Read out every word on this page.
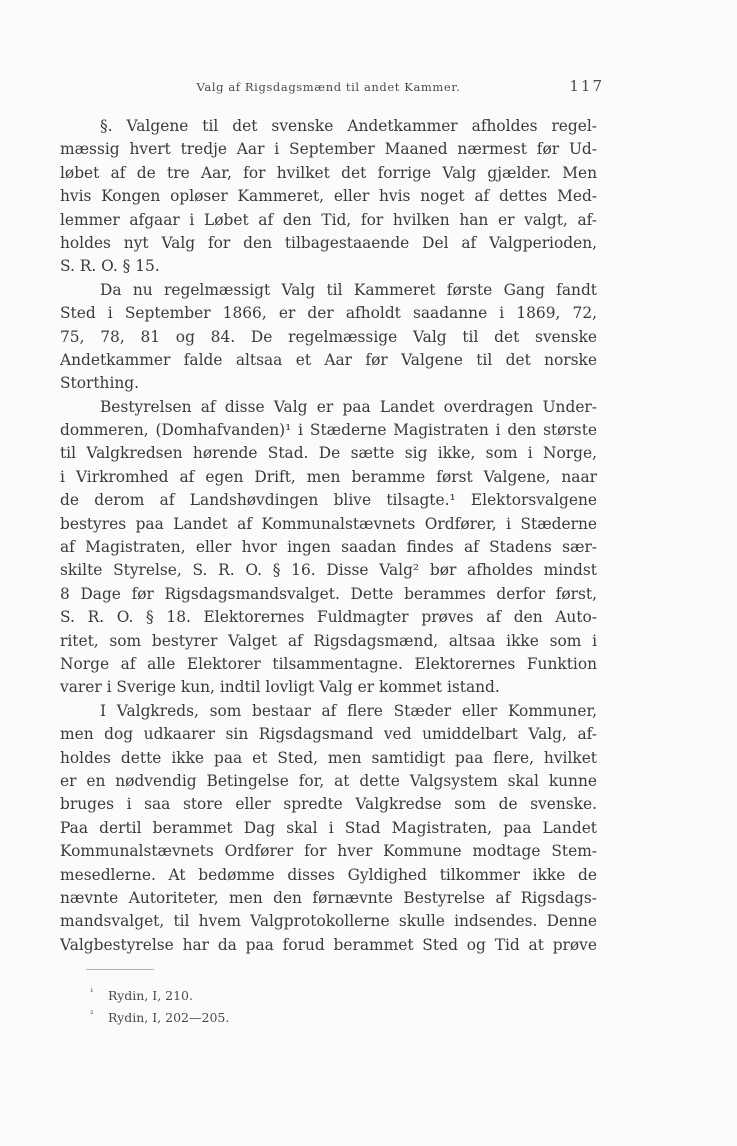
Valg af Rigsdagsmænd til andet Kammer.	117
§. Valgene til det svenske Andetkammer afholdes regel-
mæssig hvert tredje Aar i September Maaned nærmest før Ud-
løbet af de tre Aar, for hvilket det forrige Valg gjælder. Men
hvis Kongen opløser Kammeret, eller hvis noget af dettes Med-
lemmer afgaar i Løbet af den Tid, for hvilken han er valgt, af-
holdes nyt Valg for den tilbagestaaende Del af Valgperioden,
S. R. O. § 15.
Da nu regelmæssigt Valg til Kammeret første Gang fandt
Sted i September 1866, er der afholdt saadanne i 1869, 72,
75, 78, 81 og 84. De regelmæssige Valg til det svenske
Andetkammer falde altsaa et Aar før Valgene til det norske
Storthing.
Bestyrelsen af disse Valg er paa Landet overdragen Under-
dommeren, (Domhafvanden)¹ i Stæderne Magistraten i den største
til Valgkredsen hørende Stad. De sætte sig ikke, som i Norge,
i Virkromhed af egen Drift, men beramme først Valgene, naar
de derom af Landshøvdingen blive tilsagte.¹ Elektorsvalgene
bestyres paa Landet af Kommunalstævnets Ordfører, i Stæderne
af Magistraten, eller hvor ingen saadan findes af Stadens sær-
skilte Styrelse, S. R. O. § 16. Disse Valg² bør afholdes mindst
8 Dage før Rigsdagsmandsvalget. Dette berammes derfor først,
S. R. O. § 18. Elektorernes Fuldmagter prøves af den Auto-
ritet, som bestyrer Valget af Rigsdagsmænd, altsaa ikke som i
Norge af alle Elektorer tilsammentagne. Elektorernes Funktion
varer i Sverige kun, indtil lovligt Valg er kommet istand.
I Valgkreds, som bestaar af flere Stæder eller Kommuner,
men dog udkaarer sin Rigsdagsmand ved umiddelbart Valg, af-
holdes dette ikke paa et Sted, men samtidigt paa flere, hvilket
er en nødvendig Betingelse for, at dette Valgsystem skal kunne
bruges i saa store eller spredte Valgkredse som de svenske.
Paa dertil berammet Dag skal i Stad Magistraten, paa Landet
Kommunalstævnets Ordfører for hver Kommune modtage Stem-
mesedlerne. At bedømme disses Gyldighed tilkommer ikke de
nævnte Autoriteter, men den førnævnte Bestyrelse af Rigsdags-
mandsvalget, til hvem Valgprotokollerne skulle indsendes. Denne
Valgbestyrelse har da paa forud berammet Sted og Tid at prøve
¹ Rydin, I, 210.
² Rydin, I, 202—205.
